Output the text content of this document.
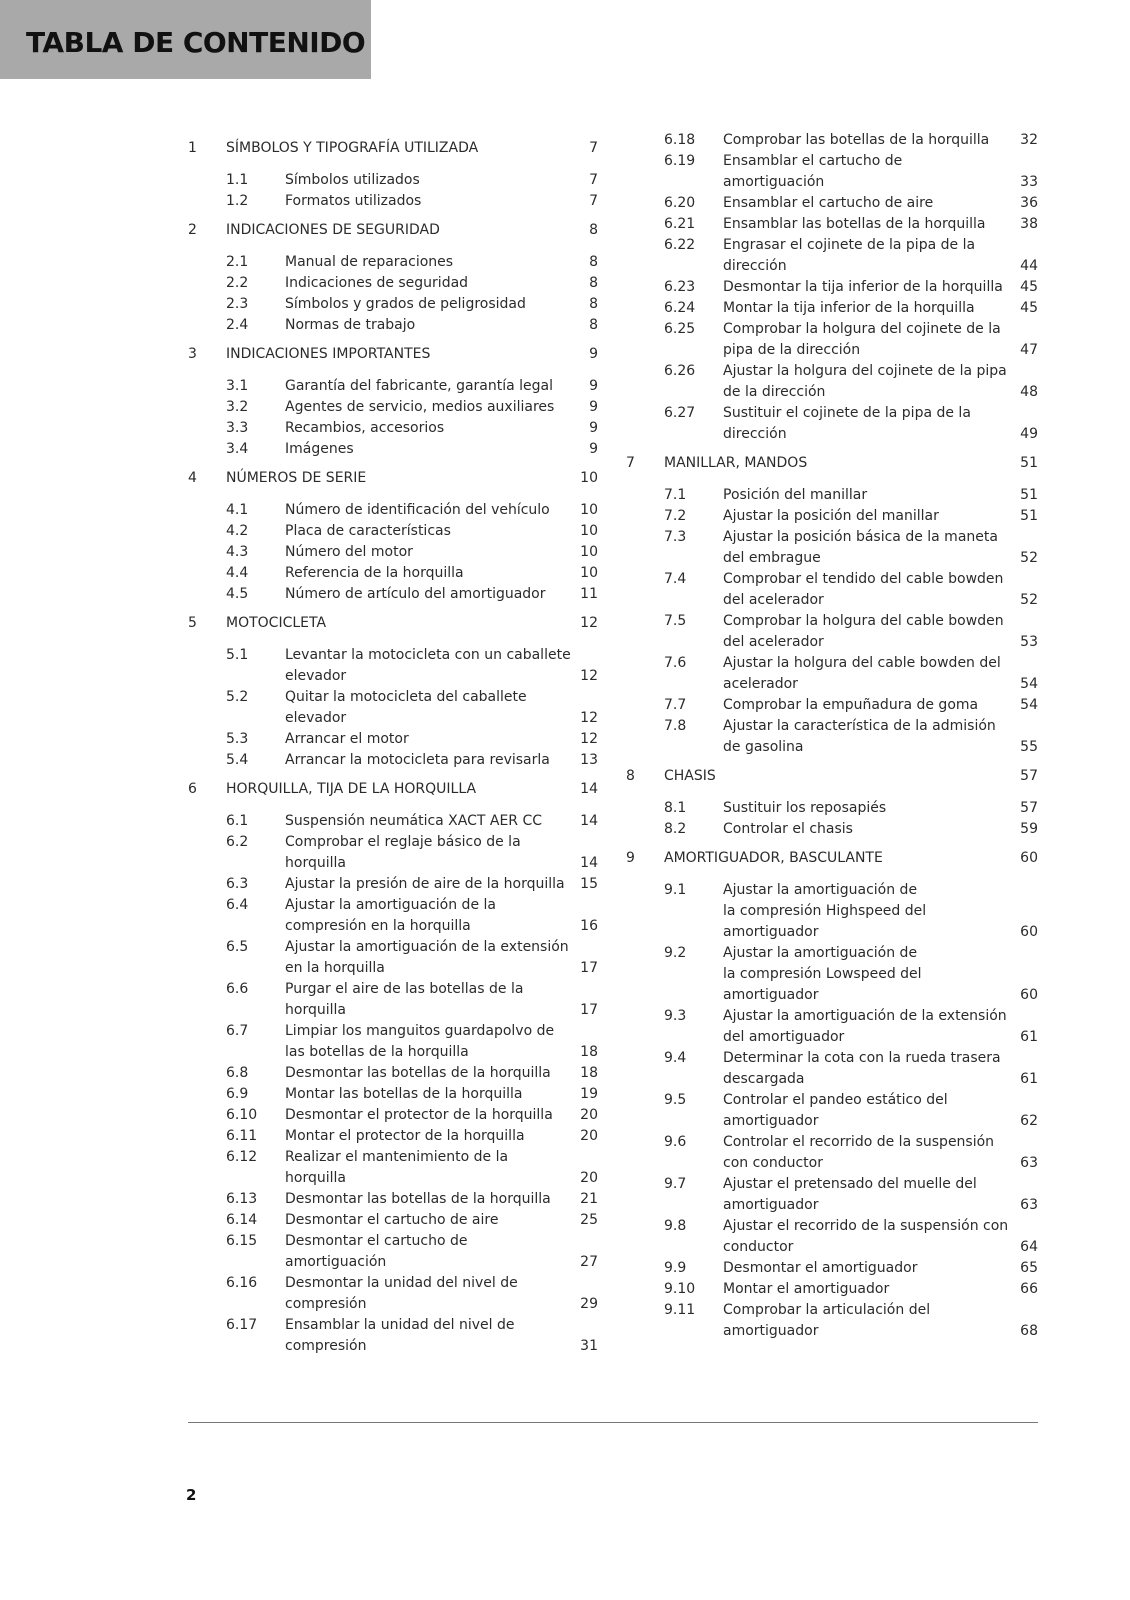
TABLA DE CONTENIDO
1 SÍMBOLOS Y TIPOGRAFÍA UTILIZADA .....	7
1.1	Símbolos utilizados .....	7
1.2	Formatos utilizados .....	7
2 INDICACIONES DE SEGURIDAD .....	8
2.1	Manual de reparaciones .....	8
2.2	Indicaciones de seguridad .....	8
2.3	Símbolos y grados de peligrosidad .....	8
2.4	Normas de trabajo .....	8
3 INDICACIONES IMPORTANTES .....	9
3.1	Garantía del fabricante, garantía legal .....	9
3.2	Agentes de servicio, medios auxiliares .....	9
3.3	Recambios, accesorios .....	9
3.4	Imágenes .....	9
4 NÚMEROS DE SERIE .....	10
4.1	Número de identificación del vehículo ..... 10
4.2	Placa de características .....	10
4.3	Número del motor .....	10
4.4	Referencia de la horquilla .....	10
4.5	Número de artículo del amortiguador ..... 11
5 MOTOCICLETA .....	12
5.1	Levantar la motocicleta con un caballete
elevador .....	12
5.2	Quitar la motocicleta del caballete
elevador .....	12
5.3	Arrancar el motor .....	12
5.4	Arrancar la motocicleta para revisarla ..... 13
6 HORQUILLA, TIJA DE LA HORQUILLA .....	14
6.1	Suspensión neumática XACT AER CC .....	14
6.2	Comprobar el reglaje básico de la
horquilla .....	14
6.3	Ajustar la presión de aire de la horquilla ..... 15
6.4	Ajustar la amortiguación de la
compresión en la horquilla .....	16
6.5	Ajustar la amortiguación de la extensión
en la horquilla .....	17
6.6	Purgar el aire de las botellas de la
horquilla .....	17
6.7	Limpiar los manguitos guardapolvo de
las botellas de la horquilla .....	18
6.8	Desmontar las botellas de la horquilla ..... 18
6.9	Montar las botellas de la horquilla .....	19
6.10 Desmontar el protector de la horquilla ..... 20
6.11 Montar el protector de la horquilla .....	20
6.12 Realizar el mantenimiento de la
horquilla .....	20
6.13 Desmontar las botellas de la horquilla ..... 21
6.14 Desmontar el cartucho de aire .....	25
6.15 Desmontar el cartucho de
amortiguación .....	27
6.16 Desmontar la unidad del nivel de
compresión .....	29
6.17 Ensamblar la unidad del nivel de
compresión .....	31
6.18 Comprobar las botellas de la horquilla ..... 32
6.19 Ensamblar el cartucho de
amortiguación .....	33
6.20 Ensamblar el cartucho de aire .....	36
6.21 Ensamblar las botellas de la horquilla ..... 38
6.22 Engrasar el cojinete de la pipa de la
dirección .....	44
6.23 Desmontar la tija inferior de la horquilla ..... 45
6.24 Montar la tija inferior de la horquilla .....	45
6.25 Comprobar la holgura del cojinete de la
pipa de la dirección .....	47
6.26 Ajustar la holgura del cojinete de la pipa
de la dirección .....	48
6.27 Sustituir el cojinete de la pipa de la
dirección .....	49
7 MANILLAR, MANDOS .....	51
7.1	Posición del manillar .....	51
7.2	Ajustar la posición del manillar .....	51
7.3	Ajustar la posición básica de la maneta
del embrague .....	52
7.4	Comprobar el tendido del cable bowden
del acelerador .....	52
7.5	Comprobar la holgura del cable bowden
del acelerador .....	53
7.6	Ajustar la holgura del cable bowden del
acelerador .....	54
7.7	Comprobar la empuñadura de goma .....	54
7.8	Ajustar la característica de la admisión
de gasolina .....	55
8 CHASIS .....	57
8.1	Sustituir los reposapiés .....	57
8.2	Controlar el chasis .....	59
9 AMORTIGUADOR, BASCULANTE .....	60
9.1	Ajustar la amortiguación de
la compresión Highspeed del
amortiguador .....	60
9.2	Ajustar la amortiguación de
la compresión Lowspeed del
amortiguador .....	60
9.3	Ajustar la amortiguación de la extensión
del amortiguador .....	61
9.4	Determinar la cota con la rueda trasera
descargada .....	61
9.5	Controlar el pandeo estático del
amortiguador .....	62
9.6	Controlar el recorrido de la suspensión
con conductor .....	63
9.7	Ajustar el pretensado del muelle del
amortiguador .....	63
9.8	Ajustar el recorrido de la suspensión con
conductor .....	64
9.9	Desmontar el amortiguador .....	65
9.10 Montar el amortiguador .....	66
9.11 Comprobar la articulación del
amortiguador .....	68
2
